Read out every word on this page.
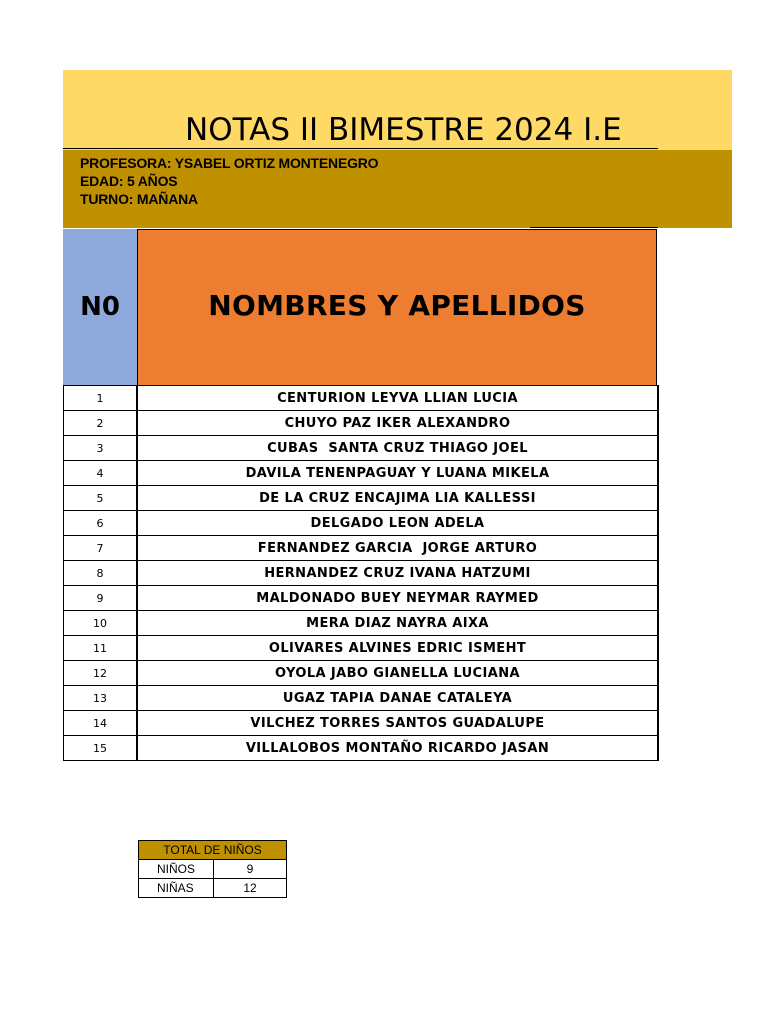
NOTAS II BIMESTRE 2024 I.E
PROFESORA: YSABEL ORTIZ MONTENEGRO
EDAD: 5 AÑOS
TURNO: MAÑANA
N0	NOMBRES Y APELLIDOS
1	CENTURION LEYVA LLIAN LUCIA
2	CHUYO PAZ IKER ALEXANDRO
3	CUBAS  SANTA CRUZ THIAGO JOEL
4	DAVILA TENENPAGUAY Y LUANA MIKELA
5	DE LA CRUZ ENCAJIMA LIA KALLESSI
6	DELGADO LEON ADELA
7	FERNANDEZ GARCIA  JORGE ARTURO
8	HERNANDEZ CRUZ IVANA HATZUMI
9	MALDONADO BUEY NEYMAR RAYMED
10	MERA DIAZ NAYRA AIXA
11	OLIVARES ALVINES EDRIC ISMEHT
12	OYOLA JABO GIANELLA LUCIANA
13	UGAZ TAPIA DANAE CATALEYA
14	VILCHEZ TORRES SANTOS GUADALUPE
15	VILLALOBOS MONTAÑO RICARDO JASAN
TOTAL DE NIÑOS	
NIÑOS	9
NIÑAS	12
